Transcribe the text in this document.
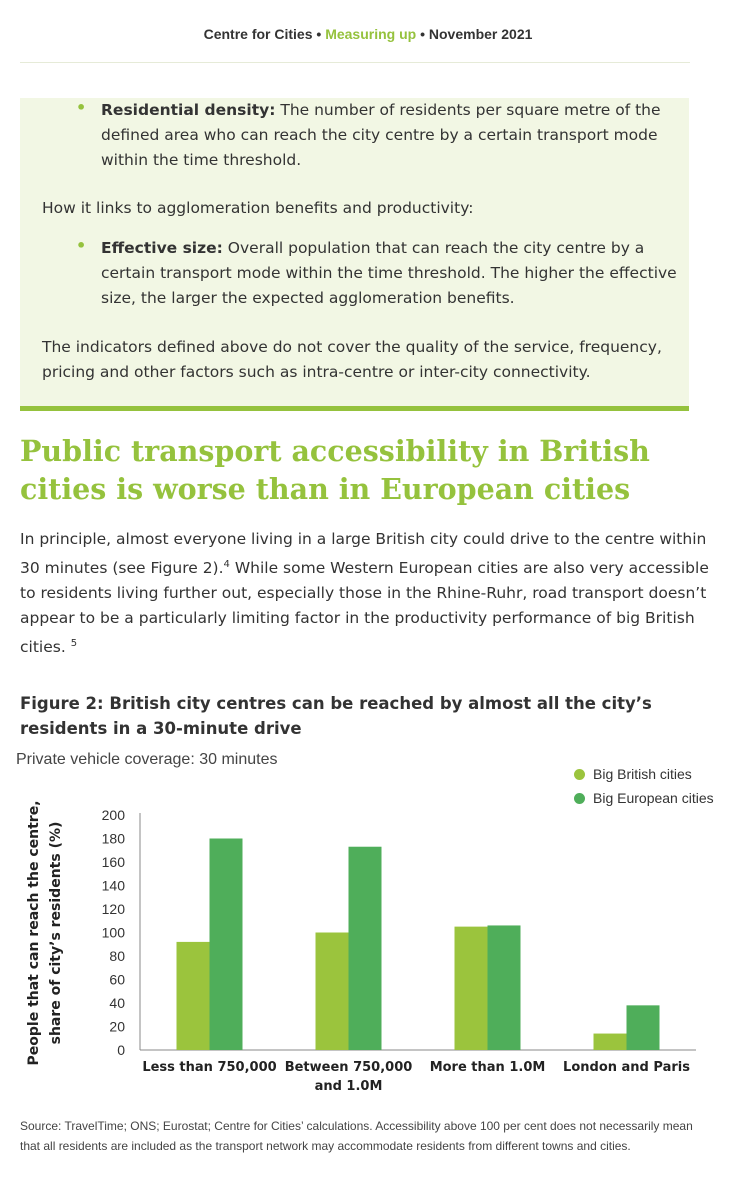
Centre for Cities • Measuring up • November 2021
• Residential density: The number of residents per square metre of the defined area who can reach the city centre by a certain transport mode within the time threshold.

How it links to agglomeration benefits and productivity:

• Effective size: Overall population that can reach the city centre by a certain transport mode within the time threshold. The higher the effective size, the larger the expected agglomeration benefits.

The indicators defined above do not cover the quality of the service, frequency, pricing and other factors such as intra-centre or inter-city connectivity.

Public transport accessibility in British cities is worse than in European cities

In principle, almost everyone living in a large British city could drive to the centre within 30 minutes (see Figure 2).$^4$ While some Western European cities are also very accessible to residents living further out, especially those in the Rhine-Ruhr, road transport doesn’t appear to be a particularly limiting factor in the productivity performance of big British cities. $^5$

Figure 2: British city centres can be reached by almost all the city’s residents in a 30-minute drive

Private vehicle coverage: 30 minutes
Big British cities
Big European cities
0
20
40
60
80
100
120
140
160
180
200
People that can reach the centre, share of city’s residents (%)
Less than 750,000 Between 750,000
and 1.0M
More than 1.0M London and Paris

Source: TravelTime; ONS; Eurostat; Centre for Cities’ calculations. Accessibility above 100 per cent does not necessarily mean that all residents are included as the transport network may accommodate residents from different towns and cities.
